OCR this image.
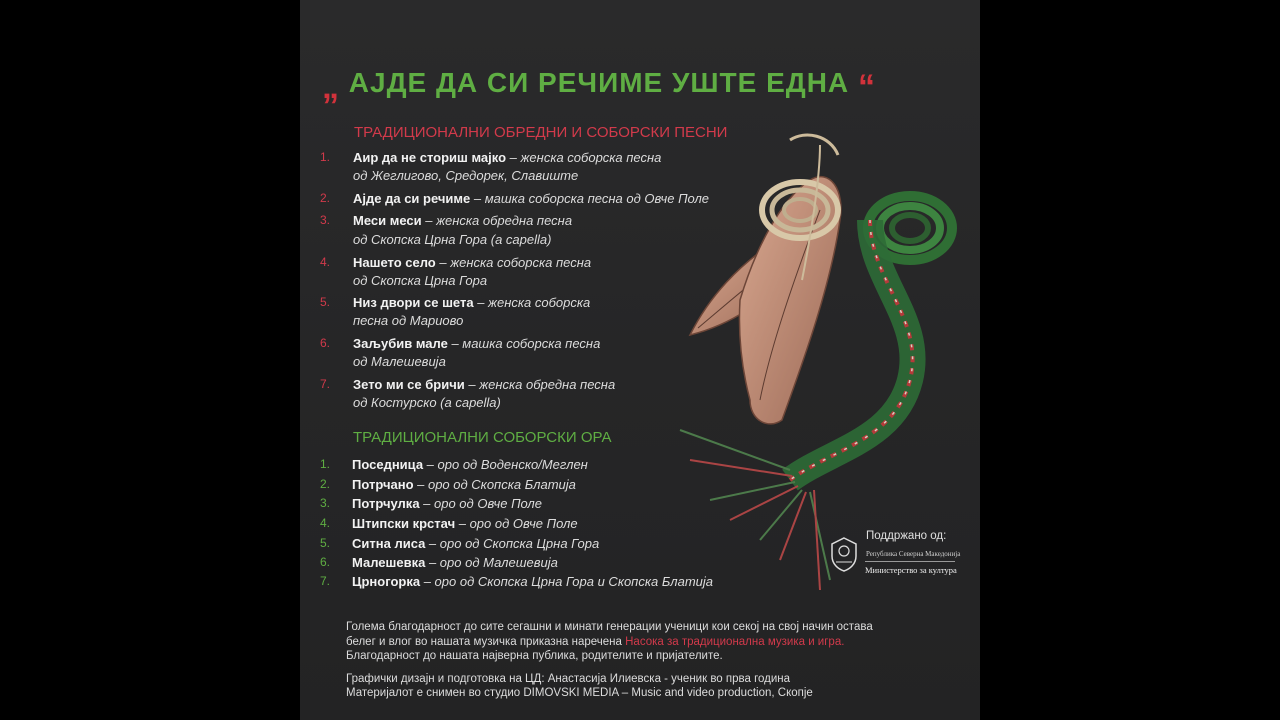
„ АЈДЕ ДА СИ РЕЧИМЕ УШТЕ ЕДНА “
ТРАДИЦИОНАЛНИ ОБРЕДНИ И СОБОРСКИ ПЕСНИ
1. Аир да не сториш мајко – женска соборска песна
од Жеглигово, Средорек, Славиште
2. Ајде да си речиме – машка соборска песна од Овче Поле
3. Меси меси – женска обредна песна
од Скопска Црна Гора (a capella)
4. Нашето село – женска соборска песна
од Скопска Црна Гора
5. Низ двори се шета – женска соборска
песна од Мариово
6. Заљубив мале – машка соборска песна
од Малешевија
7. Зето ми се бричи – женска обредна песна
од Костурско (a capella)
ТРАДИЦИОНАЛНИ СОБОРСКИ ОРА
1. Поседница – оро од Воденско/Меглен
2. Потрчано – оро од Скопска Блатија
3. Потрчулка – оро од Овче Поле
4. Штипски крстач – оро од Овче Поле
5. Ситна лиса – оро од Скопска Црна Гора
6. Малешевка – оро од Малешевија
7. Црногорка – оро од Скопска Црна Гора и Скопска Блатија
Поддржано од:
Република Северна Македонија
Министерство за култура
Голема благодарност до сите сегашни и минати генерации ученици кои секој на свој начин остава
белег и влог во нашата музичка приказна наречена Насока за традиционална музика и игра.
Благодарност до нашата најверна публика, родителите и пријателите.
Графички дизајн и подготовка на ЦД: Анастасија Илиевска - ученик во прва година
Материјалот е снимен во студио DIMOVSKI MEDIA – Music and video production, Скопје
